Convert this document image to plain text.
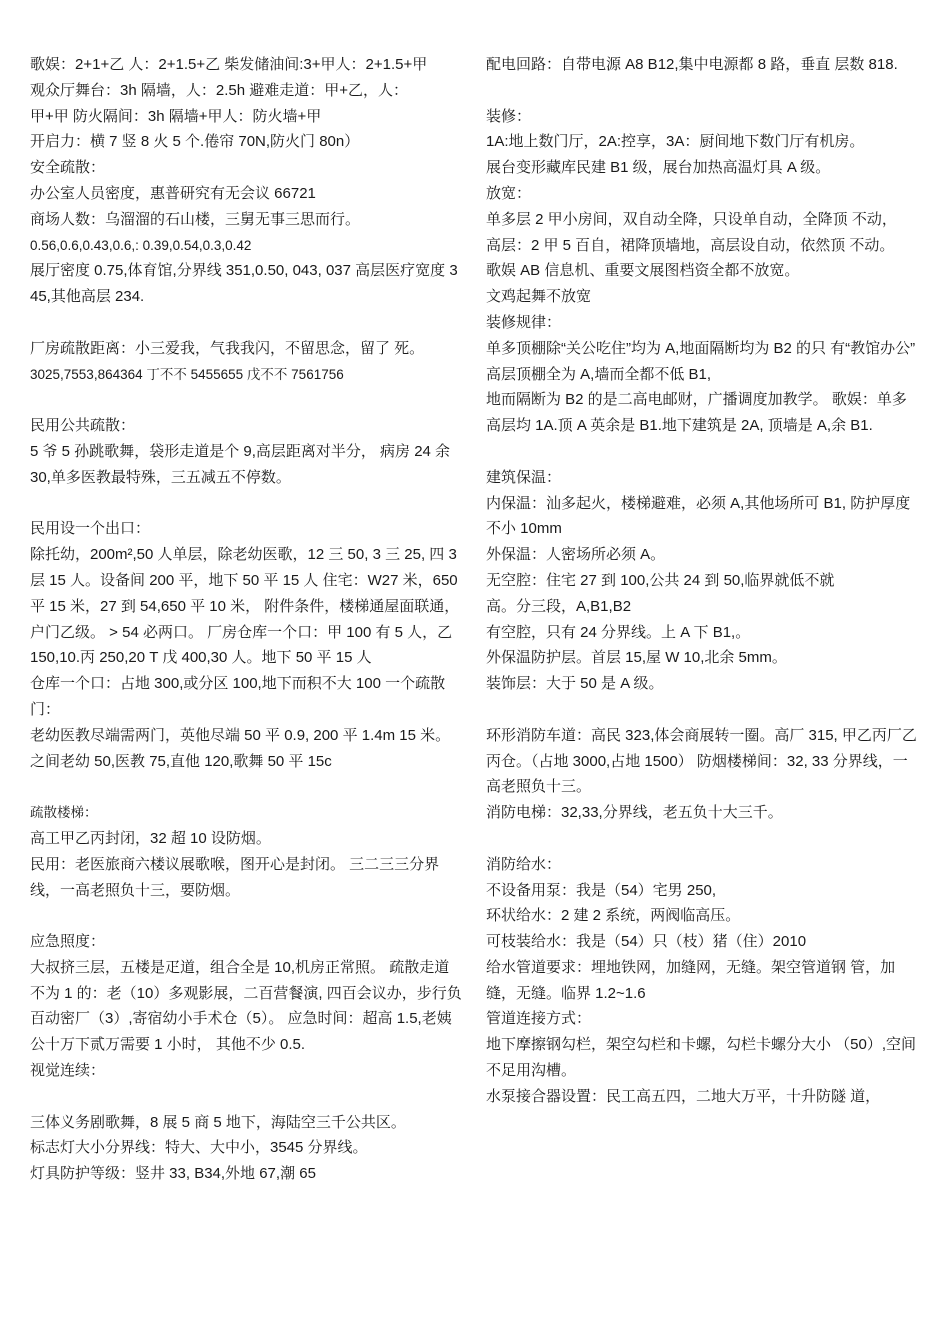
歌娱：2+1+乙 人：2+1.5+乙 柴发储油间:3+甲人：2+1.5+甲
观众厅舞台：3h 隔墙，人：2.5h 避难走道：甲+乙，人：
甲+甲 防火隔间：3h 隔墙+甲人：防火墙+甲
开启力：横 7 竖 8 火 5 个.倦帘 70N,防火门 80n）
安全疏散：
办公室人员密度，惠普研究有无会议 66721
商场人数：乌溜溜的石山楼，三舅无事三思而行。
0.56,0.6,0.43,0.6,: 0.39,0.54,0.3,0.42
展厅密度 0.75,体育馆,分界线 351,0.50, 043, 037 高层医疗宽度 345,其他高层 234.
厂房疏散距离：小三爱我，气我我闪，不留思念，留了 死。
3025,7553,864364 丁不不 5455655 戊不不 7561756
民用公共疏散：
5 爷 5 孙跳歌舞，袋形走道是个 9,高层距离对半分， 病房 24 余 30,单多医教最特殊，三五减五不停数。
民用设一个出口：
除托幼，200m²,50 人单层，除老幼医歌，12 三 50, 3 三 25, 四 3 层 15 人。设备间 200 平，地下 50 平 15 人 住宅：W27 米，650 平 15 米，27 到 54,650 平 10 米， 附件条件，楼梯通屋面联通，户门乙级。 > 54 必两口。 厂房仓库一个口：甲 100 有 5 人，乙 150,10.丙 250,20 T 戊 400,30 人。地下 50 平 15 人
仓库一个口：占地 300,或分区 100,地下而积不大 100 一个疏散门：
老幼医教尽端需两门，英他尽端 50 平 0.9, 200 平 1.4m 15 米。之间老幼 50,医教 75,直他 120,歌舞 50 平 15c
疏散楼梯：
高工甲乙丙封闭，32 超 10 设防烟。
民用：老医旅商六楼议展歌喉，图开心是封闭。 三二三三分界线，一高老照负十三，要防烟。
应急照度：
大叔挤三层，五楼是疋道，组合全是 10,机房正常照。 疏散走道不为 1 的：老（10）多观影展，二百营餐演, 四百会议办，步行负百动密厂（3）,寄宿幼小手术仓（5）。 应急时间：超高 1.5,老姨公十万下贰万需要 1 小时， 其他不少 0.5.
视觉连续：
三体义务剧歌舞，8 展 5 商 5 地下，海陆空三千公共区。
标志灯大小分界线：特大、大中小，3545 分界线。
灯具防护等级：竖井 33, B34,外地 67,潮 65
配电回路：自带电源 A8 B12,集中电源都 8 路，垂直 层数 818.
装修：
1A:地上数门厅，2A:控享，3A：厨间地下数门厅有机房。
展台变形藏库民建 B1 级，展台加热高温灯具 A 级。
放宽：
单多层 2 甲小房间，双自动全降，只设单自动，全降顶 不动，
高层：2 甲 5 百自，裙降顶墙地，高层设自动，依然顶 不动。
歌娱 AB 信息机、重要文展图档资全都不放宽。
文鸡起舞不放宽
装修规律：
单多顶棚除“关公吃住”均为 A,地面隔断均为 B2 的只 有“教馆办公”
高层顶棚全为 A,墙而全都不低 B1,
地而隔断为 B2 的是二高电邮财，广播调度加教学。 歌娱：单多高层均 1A.顶 A 英余是 B1.地下建筑是 2A, 顶墙是 A,余 B1.
建筑保温：
内保温：汕多起火，楼梯避难，必须 A,其他场所可 B1, 防护厚度不小 10mm
外保温：人密场所必须 A。
无空腔：住宅 27 到 100,公共 24 到 50,临界就低不就
高。分三段，A,B1,B2
有空腔，只有 24 分界线。上 A 下 B1,。
外保温防护层。首层 15,屋 W 10,北余 5mm。
装饰层：大于 50 是 A 级。
环形消防车道：高民 323,体会商展转一圈。高厂 315, 甲乙丙厂乙丙仓。（占地 3000,占地 1500） 防烟楼梯间：32, 33 分界线，一高老照负十三。
消防电梯：32,33,分界线，老五负十大三千。
消防给水：
不设备用泵：我是（54）宅男 250,
环状给水：2 建 2 系统，两阀临高压。
可枝装给水：我是（54）只（枝）猪（住）2010
给水管道要求：埋地铁网，加缝网，无缝。架空管道钢 管，加缝，无缝。临界 1.2~1.6
管道连接方式：
地下摩擦钢勾栏，架空勾栏和卡螺，勾栏卡螺分大小 （50）,空间不足用沟槽。
水泵接合器设置：民工高五四，二地大万平，十升防隧 道，
